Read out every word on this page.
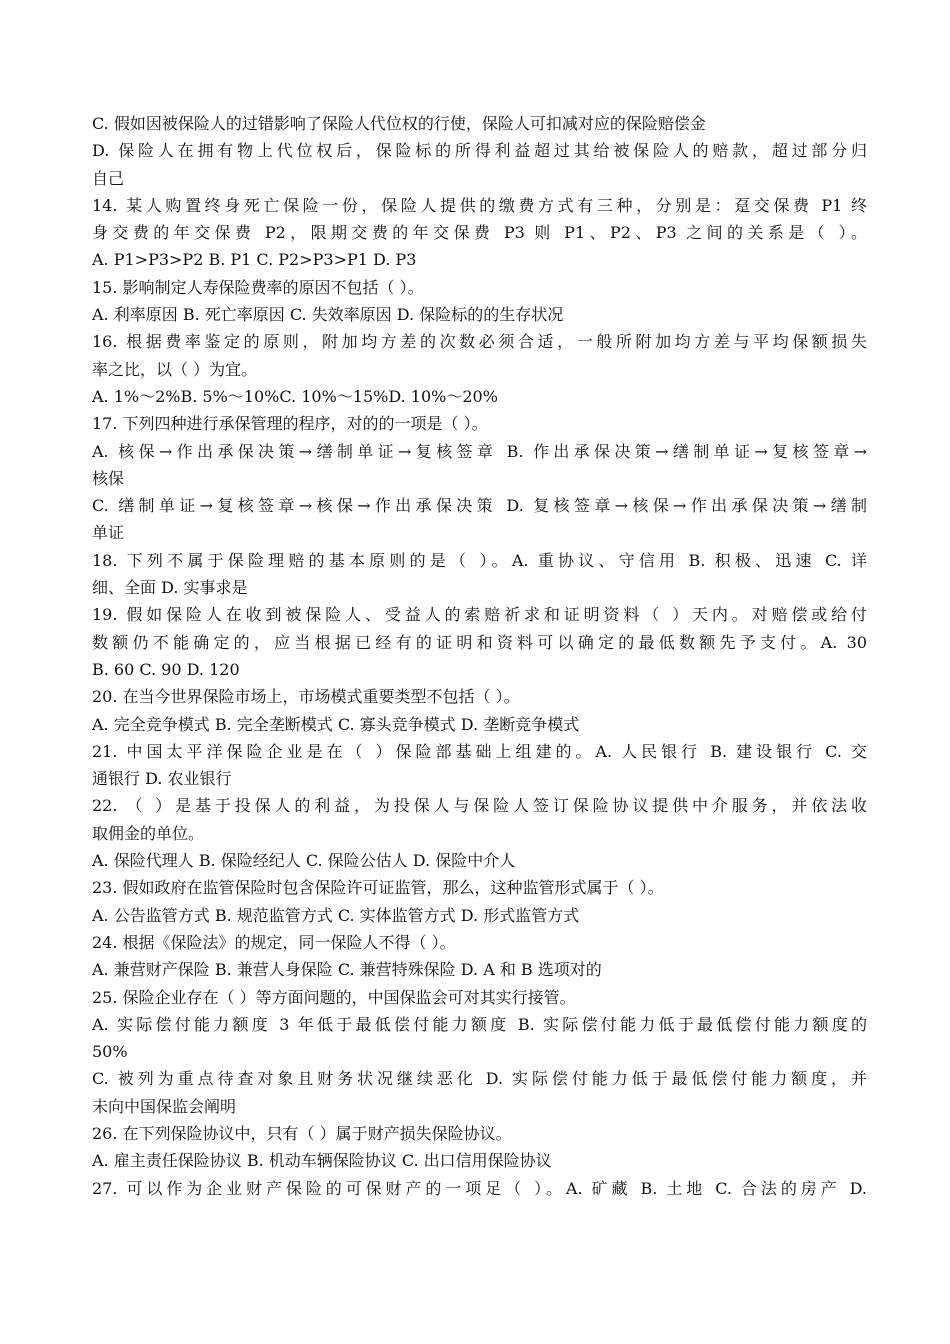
C. 假如因被保险人的过错影响了保险人代位权的行使，保险人可扣减对应的保险赔偿金
D. 保险人在拥有物上代位权后，保险标的所得利益超过其给被保险人的赔款，超过部分归
自己
14. 某人购置终身死亡保险一份，保险人提供的缴费方式有三种，分别是：趸交保费 P1 终
身交费的年交保费 P2，限期交费的年交保费 P3 则 P1、P2、P3 之间的关系是（ ）。
A. P1>P3>P2 B. P1 C. P2>P3>P1 D. P3
15. 影响制定人寿保险费率的原因不包括（ ）。
A. 利率原因 B. 死亡率原因 C. 失效率原因 D. 保险标的的生存状况
16. 根据费率鉴定的原则，附加均方差的次数必须合适，一般所附加均方差与平均保额损失
率之比，以（ ）为宜。
A. 1%～2%B. 5%～10%C. 10%～15%D. 10%～20%
17. 下列四种进行承保管理的程序，对的的一项是（ ）。
A. 核保→作出承保决策→缮制单证→复核签章 B. 作出承保决策→缮制单证→复核签章→
核保
C. 缮制单证→复核签章→核保→作出承保决策 D. 复核签章→核保→作出承保决策→缮制
单证
18. 下列不属于保险理赔的基本原则的是（ ）。A. 重协议、守信用 B. 积极、迅速 C. 详
细、全面 D. 实事求是
19. 假如保险人在收到被保险人、受益人的索赔祈求和证明资料（ ）天内。对赔偿或给付
数额仍不能确定的，应当根据已经有的证明和资料可以确定的最低数额先予支付。A. 30
B. 60 C. 90 D. 120
20. 在当今世界保险市场上，市场模式重要类型不包括（ ）。
A. 完全竞争模式 B. 完全垄断模式 C. 寡头竞争模式 D. 垄断竞争模式
21. 中国太平洋保险企业是在（ ）保险部基础上组建的。A. 人民银行 B. 建设银行 C. 交
通银行 D. 农业银行
22. （ ）是基于投保人的利益，为投保人与保险人签订保险协议提供中介服务，并依法收
取佣金的单位。
A. 保险代理人 B. 保险经纪人 C. 保险公估人 D. 保险中介人
23. 假如政府在监管保险时包含保险许可证监管，那么，这种监管形式属于（ ）。
A. 公告监管方式 B. 规范监管方式 C. 实体监管方式 D. 形式监管方式
24. 根据《保险法》的规定，同一保险人不得（ ）。
A. 兼营财产保险 B. 兼营人身保险 C. 兼营特殊保险 D. A 和 B 选项对的
25. 保险企业存在（ ）等方面问题的，中国保监会可对其实行接管。
A. 实际偿付能力额度 3 年低于最低偿付能力额度 B. 实际偿付能力低于最低偿付能力额度的
50%
C. 被列为重点待查对象且财务状况继续恶化 D. 实际偿付能力低于最低偿付能力额度，并
未向中国保监会阐明
26. 在下列保险协议中，只有（ ）属于财产损失保险协议。
A. 雇主责任保险协议 B. 机动车辆保险协议 C. 出口信用保险协议
27. 可以作为企业财产保险的可保财产的一项足（ ）。A. 矿藏 B. 土地 C. 合法的房产 D.
